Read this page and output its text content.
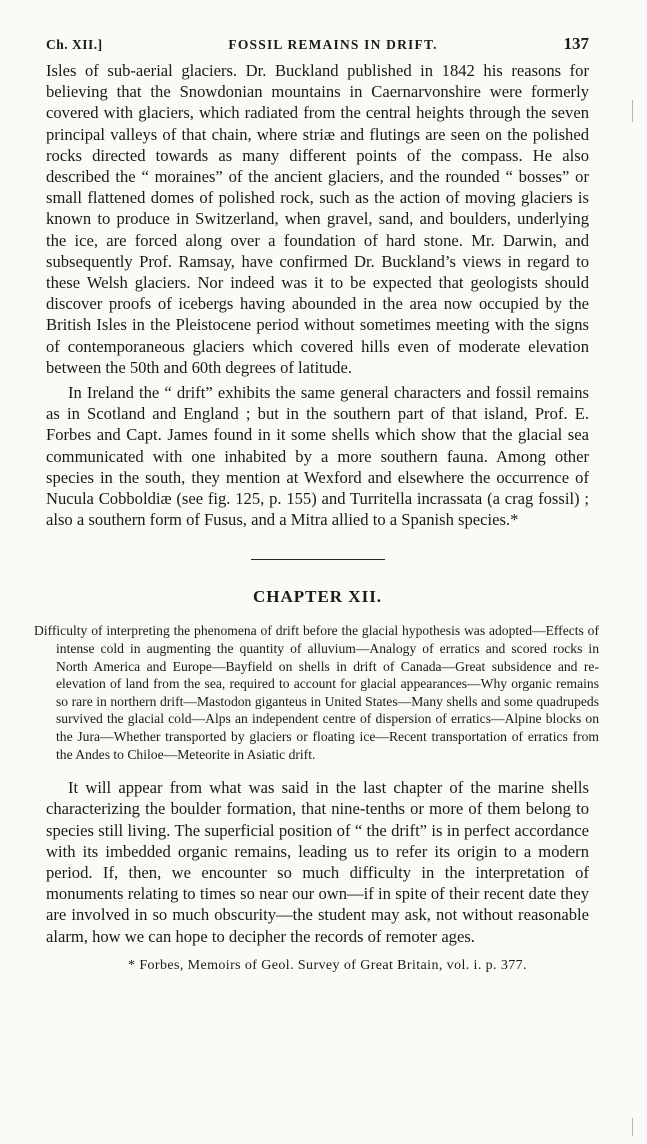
Ch. XII.]	FOSSIL REMAINS IN DRIFT.	137

Isles of sub-aerial glaciers. Dr. Buckland published in 1842 his reasons for believing that the Snowdonian mountains in Caernarvonshire were formerly covered with glaciers, which radiated from the central heights through the seven principal valleys of that chain, where striæ and flutings are seen on the polished rocks directed towards as many different points of the compass. He also described the “ moraines” of the ancient glaciers, and the rounded “ bosses” or small flattened domes of polished rock, such as the action of moving glaciers is known to produce in Switzerland, when gravel, sand, and boulders, underlying the ice, are forced along over a foundation of hard stone. Mr. Darwin, and subsequently Prof. Ramsay, have confirmed Dr. Buckland’s views in regard to these Welsh glaciers. Nor indeed was it to be expected that geologists should discover proofs of icebergs having abounded in the area now occupied by the British Isles in the Pleistocene period without sometimes meeting with the signs of contemporaneous glaciers which covered hills even of moderate elevation between the 50th and 60th degrees of latitude.

In Ireland the “ drift” exhibits the same general characters and fossil remains as in Scotland and England ; but in the southern part of that island, Prof. E. Forbes and Capt. James found in it some shells which show that the glacial sea communicated with one inhabited by a more southern fauna. Among other species in the south, they mention at Wexford and elsewhere the occurrence of Nucula Cobboldiæ (see fig. 125, p. 155) and Turritella incrassata (a crag fossil) ; also a southern form of Fusus, and a Mitra allied to a Spanish species.*

CHAPTER XII.

Difficulty of interpreting the phenomena of drift before the glacial hypothesis was adopted—Effects of intense cold in augmenting the quantity of alluvium—Analogy of erratics and scored rocks in North America and Europe—Bayfield on shells in drift of Canada—Great subsidence and re-elevation of land from the sea, required to account for glacial appearances—Why organic remains so rare in northern drift—Mastodon giganteus in United States—Many shells and some quadrupeds survived the glacial cold—Alps an independent centre of dispersion of erratics—Alpine blocks on the Jura—Whether transported by glaciers or floating ice—Recent transportation of erratics from the Andes to Chiloe—Meteorite in Asiatic drift.

It will appear from what was said in the last chapter of the marine shells characterizing the boulder formation, that nine-tenths or more of them belong to species still living. The superficial position of “ the drift” is in perfect accordance with its imbedded organic remains, leading us to refer its origin to a modern period. If, then, we encounter so much difficulty in the interpretation of monuments relating to times so near our own—if in spite of their recent date they are involved in so much obscurity—the student may ask, not without reasonable alarm, how we can hope to decipher the records of remoter ages.

* Forbes, Memoirs of Geol. Survey of Great Britain, vol. i. p. 377.
